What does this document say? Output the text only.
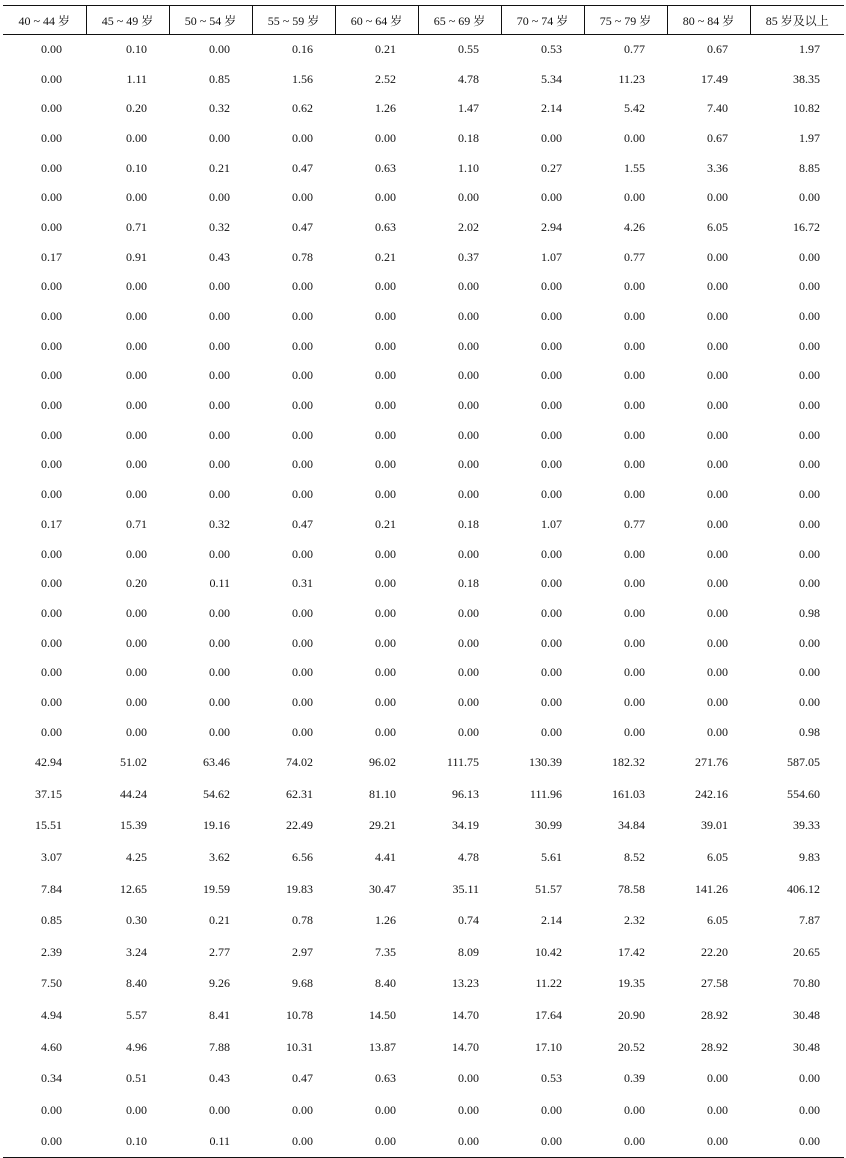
40 ~ 44 岁	45 ~ 49 岁	50 ~ 54 岁	55 ~ 59 岁	60 ~ 64 岁	65 ~ 69 岁	70 ~ 74 岁	75 ~ 79 岁	80 ~ 84 岁	85 岁及以上
0.00	0.10	0.00	0.16	0.21	0.55	0.53	0.77	0.67	1.97
0.00	1.11	0.85	1.56	2.52	4.78	5.34	11.23	17.49	38.35
0.00	0.20	0.32	0.62	1.26	1.47	2.14	5.42	7.40	10.82
0.00	0.00	0.00	0.00	0.00	0.18	0.00	0.00	0.67	1.97
0.00	0.10	0.21	0.47	0.63	1.10	0.27	1.55	3.36	8.85
0.00	0.00	0.00	0.00	0.00	0.00	0.00	0.00	0.00	0.00
0.00	0.71	0.32	0.47	0.63	2.02	2.94	4.26	6.05	16.72
0.17	0.91	0.43	0.78	0.21	0.37	1.07	0.77	0.00	0.00
0.00	0.00	0.00	0.00	0.00	0.00	0.00	0.00	0.00	0.00
0.00	0.00	0.00	0.00	0.00	0.00	0.00	0.00	0.00	0.00
0.00	0.00	0.00	0.00	0.00	0.00	0.00	0.00	0.00	0.00
0.00	0.00	0.00	0.00	0.00	0.00	0.00	0.00	0.00	0.00
0.00	0.00	0.00	0.00	0.00	0.00	0.00	0.00	0.00	0.00
0.00	0.00	0.00	0.00	0.00	0.00	0.00	0.00	0.00	0.00
0.00	0.00	0.00	0.00	0.00	0.00	0.00	0.00	0.00	0.00
0.00	0.00	0.00	0.00	0.00	0.00	0.00	0.00	0.00	0.00
0.17	0.71	0.32	0.47	0.21	0.18	1.07	0.77	0.00	0.00
0.00	0.00	0.00	0.00	0.00	0.00	0.00	0.00	0.00	0.00
0.00	0.20	0.11	0.31	0.00	0.18	0.00	0.00	0.00	0.00
0.00	0.00	0.00	0.00	0.00	0.00	0.00	0.00	0.00	0.98
0.00	0.00	0.00	0.00	0.00	0.00	0.00	0.00	0.00	0.00
0.00	0.00	0.00	0.00	0.00	0.00	0.00	0.00	0.00	0.00
0.00	0.00	0.00	0.00	0.00	0.00	0.00	0.00	0.00	0.00
0.00	0.00	0.00	0.00	0.00	0.00	0.00	0.00	0.00	0.98
42.94	51.02	63.46	74.02	96.02	111.75	130.39	182.32	271.76	587.05
37.15	44.24	54.62	62.31	81.10	96.13	111.96	161.03	242.16	554.60
15.51	15.39	19.16	22.49	29.21	34.19	30.99	34.84	39.01	39.33
3.07	4.25	3.62	6.56	4.41	4.78	5.61	8.52	6.05	9.83
7.84	12.65	19.59	19.83	30.47	35.11	51.57	78.58	141.26	406.12
0.85	0.30	0.21	0.78	1.26	0.74	2.14	2.32	6.05	7.87
2.39	3.24	2.77	2.97	7.35	8.09	10.42	17.42	22.20	20.65
7.50	8.40	9.26	9.68	8.40	13.23	11.22	19.35	27.58	70.80
4.94	5.57	8.41	10.78	14.50	14.70	17.64	20.90	28.92	30.48
4.60	4.96	7.88	10.31	13.87	14.70	17.10	20.52	28.92	30.48
0.34	0.51	0.43	0.47	0.63	0.00	0.53	0.39	0.00	0.00
0.00	0.00	0.00	0.00	0.00	0.00	0.00	0.00	0.00	0.00
0.00	0.10	0.11	0.00	0.00	0.00	0.00	0.00	0.00	0.00
